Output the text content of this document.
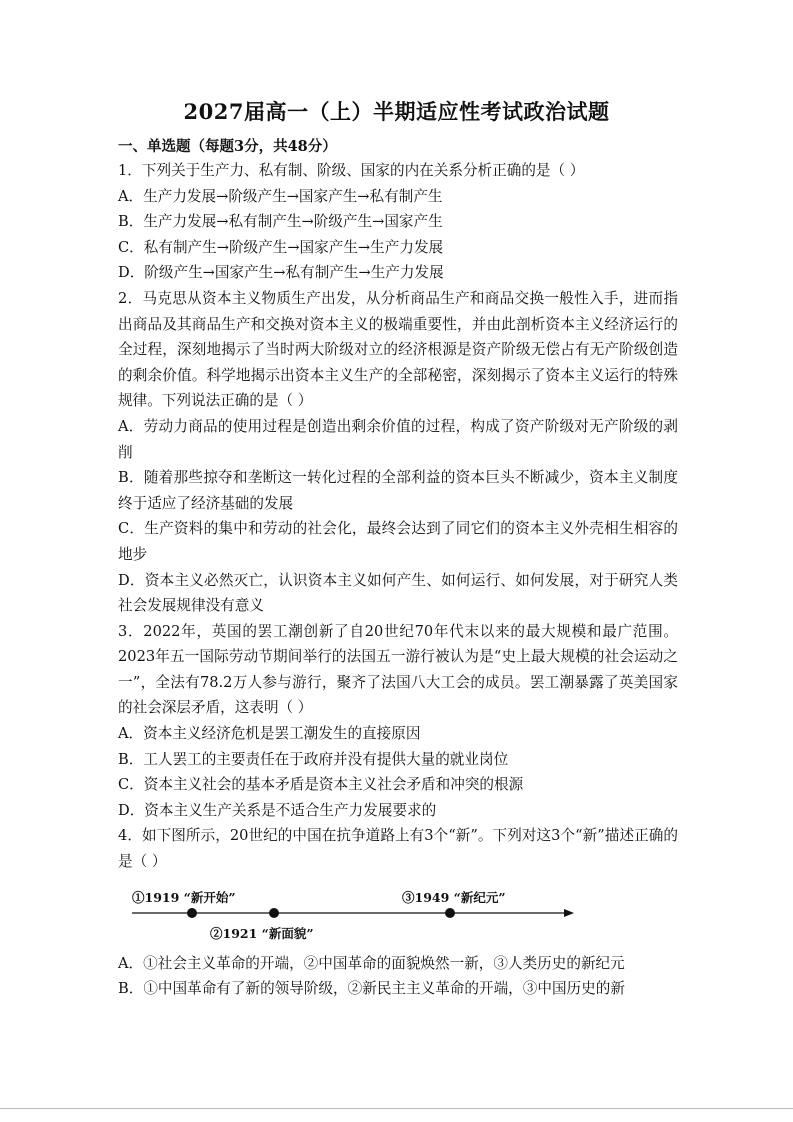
2027届高一（上）半期适应性考试政治试题
一、单选题（每题3分，共48分）

1．下列关于生产力、私有制、阶级、国家的内在关系分析正确的是（ ）

A．生产力发展→阶级产生→国家产生→私有制产生

B．生产力发展→私有制产生→阶级产生→国家产生

C．私有制产生→阶级产生→国家产生→生产力发展

D．阶级产生→国家产生→私有制产生→生产力发展

2．马克思从资本主义物质生产出发，从分析商品生产和商品交换一般性入手，进而指出商品及其商品生产和交换对资本主义的极端重要性，并由此剖析资本主义经济运行的全过程，深刻地揭示了当时两大阶级对立的经济根源是资产阶级无偿占有无产阶级创造的剩余价值。科学地揭示出资本主义生产的全部秘密，深刻揭示了资本主义运行的特殊规律。下列说法正确的是（ ）

A．劳动力商品的使用过程是创造出剩余价值的过程，构成了资产阶级对无产阶级的剥削

B．随着那些掠夺和垄断这一转化过程的全部利益的资本巨头不断减少，资本主义制度终于适应了经济基础的发展

C．生产资料的集中和劳动的社会化，最终会达到了同它们的资本主义外壳相生相容的地步

D．资本主义必然灭亡，认识资本主义如何产生、如何运行、如何发展，对于研究人类社会发展规律没有意义

3．2022年，英国的罢工潮创新了自20世纪70年代末以来的最大规模和最广范围。2023年五一国际劳动节期间举行的法国五一游行被认为是“史上最大规模的社会运动之一”，全法有78.2万人参与游行，聚齐了法国八大工会的成员。罢工潮暴露了英美国家的社会深层矛盾，这表明（ ）

A．资本主义经济危机是罢工潮发生的直接原因

B．工人罢工的主要责任在于政府并没有提供大量的就业岗位

C．资本主义社会的基本矛盾是资本主义社会矛盾和冲突的根源

D．资本主义生产关系是不适合生产力发展要求的

4．如下图所示，20世纪的中国在抗争道路上有3个“新”。下列对这3个“新”描述正确的是（ ）

①1919 “新开始”
②1921 “新面貌”
③1949 “新纪元”

A．①社会主义革命的开端，②中国革命的面貌焕然一新，③人类历史的新纪元

B．①中国革命有了新的领导阶级，②新民主主义革命的开端，③中国历史的新
